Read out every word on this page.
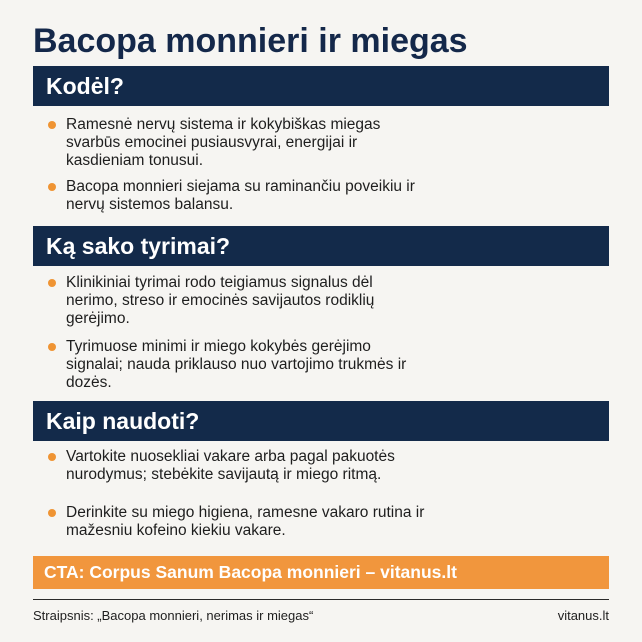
Bacopa monnieri ir miegas
Kodėl?
Ramesnė nervų sistema ir kokybiškas miegas svarbūs emocinei pusiausvyrai, energijai ir kasdieniam tonusui.
Bacopa monnieri siejama su raminančiu poveikiu ir nervų sistemos balansu.
Ką sako tyrimai?
Klinikiniai tyrimai rodo teigiamus signalus dėl nerimo, streso ir emocinės savijautos rodiklių gerėjimo.
Tyrimuose minimi ir miego kokybės gerėjimo signalai; nauda priklauso nuo vartojimo trukmės ir dozės.
Kaip naudoti?
Vartokite nuosekliai vakare arba pagal pakuotės nurodymus; stebėkite savijautą ir miego ritmą.
Derinkite su miego higiena, ramesne vakaro rutina ir mažesniu kofeino kiekiu vakare.
CTA: Corpus Sanum Bacopa monnieri – vitanus.lt
Straipsnis: „Bacopa monnieri, nerimas ir miegas“	vitanus.lt
